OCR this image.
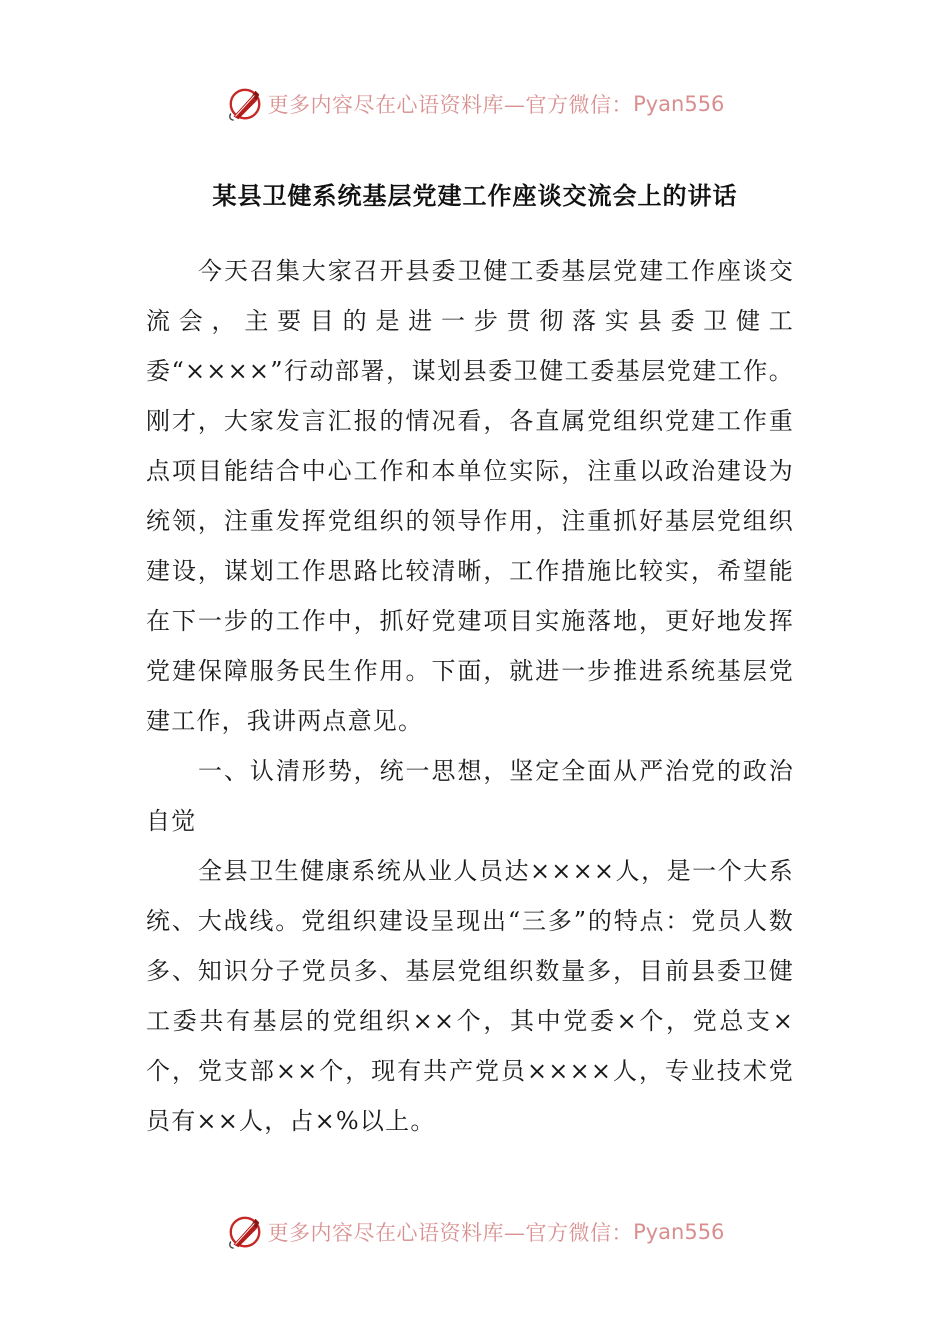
更多内容尽在心语资料库—官方微信： Pyan556
某县卫健系统基层党建工作座谈交流会上的讲话

今天召集大家召开县委卫健工委基层党建工作座谈交流会，主要目的是进一步贯彻落实县委卫健工委“××××”行动部署，谋划县委卫健工委基层党建工作。刚才，大家发言汇报的情况看，各直属党组织党建工作重点项目能结合中心工作和本单位实际，注重以政治建设为统领，注重发挥党组织的领导作用，注重抓好基层党组织建设，谋划工作思路比较清晰，工作措施比较实，希望能在下一步的工作中，抓好党建项目实施落地，更好地发挥党建保障服务民生作用。下面，就进一步推进系统基层党建工作，我讲两点意见。

一、认清形势，统一思想，坚定全面从严治党的政治自觉

全县卫生健康系统从业人员达××××人，是一个大系统、大战线。党组织建设呈现出“三多”的特点：党员人数多、知识分子党员多、基层党组织数量多，目前县委卫健工委共有基层的党组织××个，其中党委×个，党总支×个，党支部××个，现有共产党员××××人，专业技术党员有××人，占×%以上。

更多内容尽在心语资料库—官方微信： Pyan556
